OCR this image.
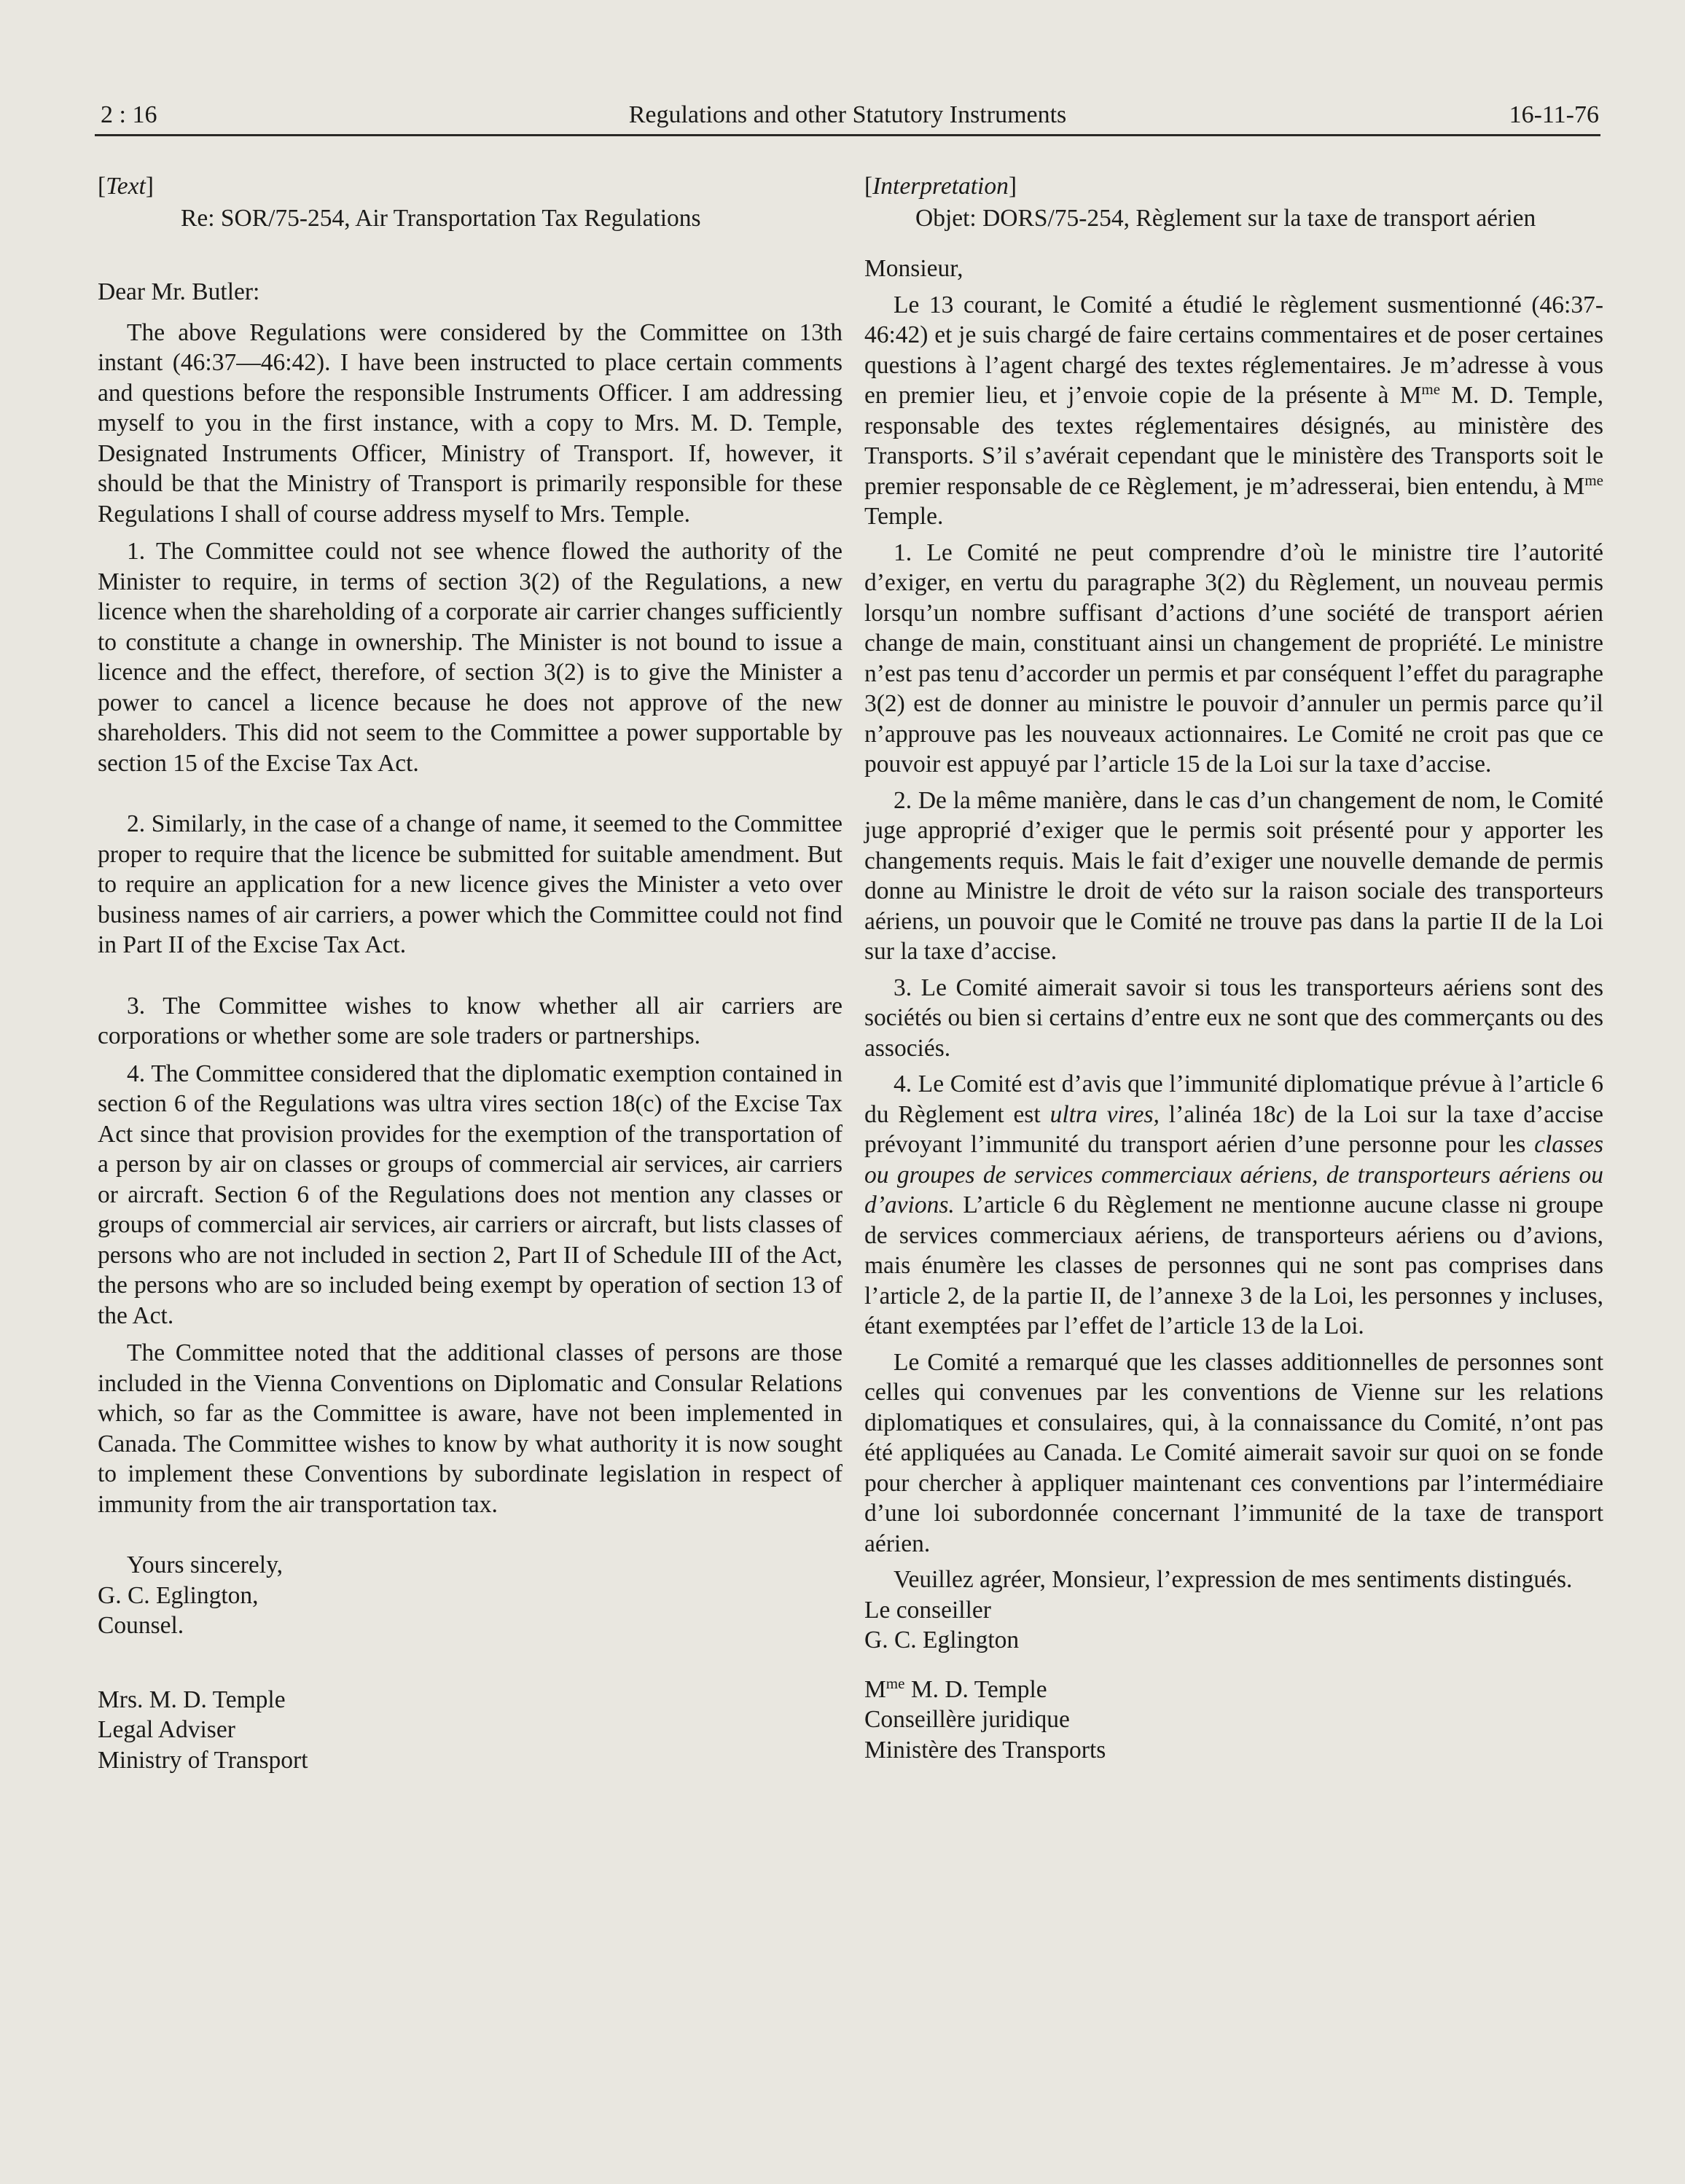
2 : 16	Regulations and other Statutory Instruments	16-11-76

[Text]

Re: SOR/75-254, Air Transportation Tax Regulations

Dear Mr. Butler:

The above Regulations were considered by the Committee on 13th instant (46:37—46:42). I have been instructed to place certain comments and questions before the responsible Instruments Officer. I am addressing myself to you in the first instance, with a copy to Mrs. M. D. Temple, Designated Instruments Officer, Ministry of Transport. If, however, it should be that the Ministry of Transport is primarily responsible for these Regulations I shall of course address myself to Mrs. Temple.

1. The Committee could not see whence flowed the authority of the Minister to require, in terms of section 3(2) of the Regulations, a new licence when the shareholding of a corporate air carrier changes sufficiently to constitute a change in ownership. The Minister is not bound to issue a licence and the effect, therefore, of section 3(2) is to give the Minister a power to cancel a licence because he does not approve of the new shareholders. This did not seem to the Committee a power supportable by section 15 of the Excise Tax Act.

2. Similarly, in the case of a change of name, it seemed to the Committee proper to require that the licence be submitted for suitable amendment. But to require an application for a new licence gives the Minister a veto over business names of air carriers, a power which the Committee could not find in Part II of the Excise Tax Act.

3. The Committee wishes to know whether all air carriers are corporations or whether some are sole traders or partnerships.

4. The Committee considered that the diplomatic exemption contained in section 6 of the Regulations was ultra vires section 18(c) of the Excise Tax Act since that provision provides for the exemption of the transportation of a person by air on classes or groups of commercial air services, air carriers or aircraft. Section 6 of the Regulations does not mention any classes or groups of commercial air services, air carriers or aircraft, but lists classes of persons who are not included in section 2, Part II of Schedule III of the Act, the persons who are so included being exempt by operation of section 13 of the Act.

The Committee noted that the additional classes of persons are those included in the Vienna Conventions on Diplomatic and Consular Relations which, so far as the Committee is aware, have not been implemented in Canada. The Committee wishes to know by what authority it is now sought to implement these Conventions by subordinate legislation in respect of immunity from the air transportation tax.

Yours sincerely,

G. C. Eglington,

Counsel.

Mrs. M. D. Temple

Legal Adviser

Ministry of Transport

[Interpretation]

Objet: DORS/75-254, Règlement sur la taxe de transport aérien

Monsieur,

Le 13 courant, le Comité a étudié le règlement susmentionné (46:37-46:42) et je suis chargé de faire certains commentaires et de poser certaines questions à l’agent chargé des textes réglementaires. Je m’adresse à vous en premier lieu, et j’envoie copie de la présente à $M^{me}$ M. D. Temple, responsable des textes réglementaires désignés, au ministère des Transports. S’il s’avérait cependant que le ministère des Transports soit le premier responsable de ce Règlement, je m’adresserai, bien entendu, à $M^{me}$ Temple.

1. Le Comité ne peut comprendre d’où le ministre tire l’autorité d’exiger, en vertu du paragraphe 3(2) du Règlement, un nouveau permis lorsqu’un nombre suffisant d’actions d’une société de transport aérien change de main, constituant ainsi un changement de propriété. Le ministre n’est pas tenu d’accorder un permis et par conséquent l’effet du paragraphe 3(2) est de donner au ministre le pouvoir d’annuler un permis parce qu’il n’approuve pas les nouveaux actionnaires. Le Comité ne croit pas que ce pouvoir est appuyé par l’article 15 de la Loi sur la taxe d’accise.

2. De la même manière, dans le cas d’un changement de nom, le Comité juge approprié d’exiger que le permis soit présenté pour y apporter les changements requis. Mais le fait d’exiger une nouvelle demande de permis donne au Ministre le droit de véto sur la raison sociale des transporteurs aériens, un pouvoir que le Comité ne trouve pas dans la partie II de la Loi sur la taxe d’accise.

3. Le Comité aimerait savoir si tous les transporteurs aériens sont des sociétés ou bien si certains d’entre eux ne sont que des commerçants ou des associés.

4. Le Comité est d’avis que l’immunité diplomatique prévue à l’article 6 du Règlement est ultra vires, l’alinéa 18c) de la Loi sur la taxe d’accise prévoyant l’immunité du transport aérien d’une personne pour les classes ou groupes de services commerciaux aériens, de transporteurs aériens ou d’avions. L’article 6 du Règlement ne mentionne aucune classe ni groupe de services commerciaux aériens, de transporteurs aériens ou d’avions, mais énumère les classes de personnes qui ne sont pas comprises dans l’article 2, de la partie II, de l’annexe 3 de la Loi, les personnes y incluses, étant exemptées par l’effet de l’article 13 de la Loi.

Le Comité a remarqué que les classes additionnelles de personnes sont celles qui convenues par les conventions de Vienne sur les relations diplomatiques et consulaires, qui, à la connaissance du Comité, n’ont pas été appliquées au Canada. Le Comité aimerait savoir sur quoi on se fonde pour chercher à appliquer maintenant ces conventions par l’intermédiaire d’une loi subordonnée concernant l’immunité de la taxe de transport aérien.

Veuillez agréer, Monsieur, l’expression de mes sentiments distingués.

Le conseiller

G. C. Eglington

$M^{me}$ M. D. Temple

Conseillère juridique

Ministère des Transports
